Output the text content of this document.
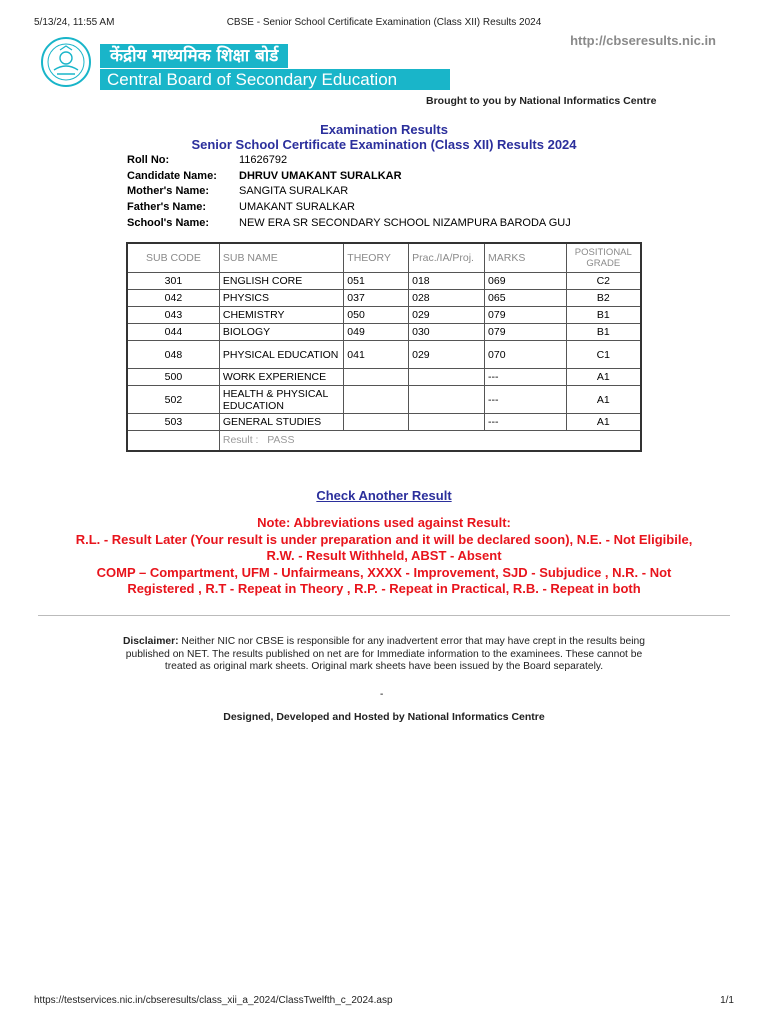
5/13/24, 11:55 AM	CBSE - Senior School Certificate Examination (Class XII) Results 2024
http://cbseresults.nic.in
केंद्रीय माध्यमिक शिक्षा बोर्ड
Central Board of Secondary Education
Brought to you by National Informatics Centre
Examination Results
Senior School Certificate Examination (Class XII) Results 2024
Roll No:	11626792
Candidate Name: DHRUV UMAKANT SURALKAR
Mother's Name:	SANGITA SURALKAR
Father's Name:	UMAKANT SURALKAR
School's Name:	NEW ERA SR SECONDARY SCHOOL NIZAMPURA BARODA GUJ
SUB CODE	SUB NAME	THEORY	Prac./IA/Proj.	MARKS	POSITIONAL GRADE
301	ENGLISH CORE	051	018	069	C2
042	PHYSICS	037	028	065	B2
043	CHEMISTRY	050	029	079	B1
044	BIOLOGY	049	030	079	B1
048	PHYSICAL EDUCATION	041	029	070	C1
500	WORK EXPERIENCE			---	A1
502	HEALTH & PHYSICAL EDUCATION			---	A1
503	GENERAL STUDIES			---	A1
	Result :   PASS				
Check Another Result
Note: Abbreviations used against Result:
R.L. - Result Later (Your result is under preparation and it will be declared soon), N.E. - Not Eligibile,
R.W. - Result Withheld, ABST - Absent
COMP – Compartment, UFM - Unfairmeans, XXXX - Improvement, SJD - Subjudice , N.R. - Not
Registered , R.T - Repeat in Theory , R.P. - Repeat in Practical, R.B. - Repeat in both
Disclaimer: Neither NIC nor CBSE is responsible for any inadvertent error that may have crept in the results being published on NET. The results published on net are for Immediate information to the examinees. These cannot be treated as original mark sheets. Original mark sheets have been issued by the Board separately.
-
Designed, Developed and Hosted by National Informatics Centre
https://testservices.nic.in/cbseresults/class_xii_a_2024/ClassTwelfth_c_2024.asp	1/1
